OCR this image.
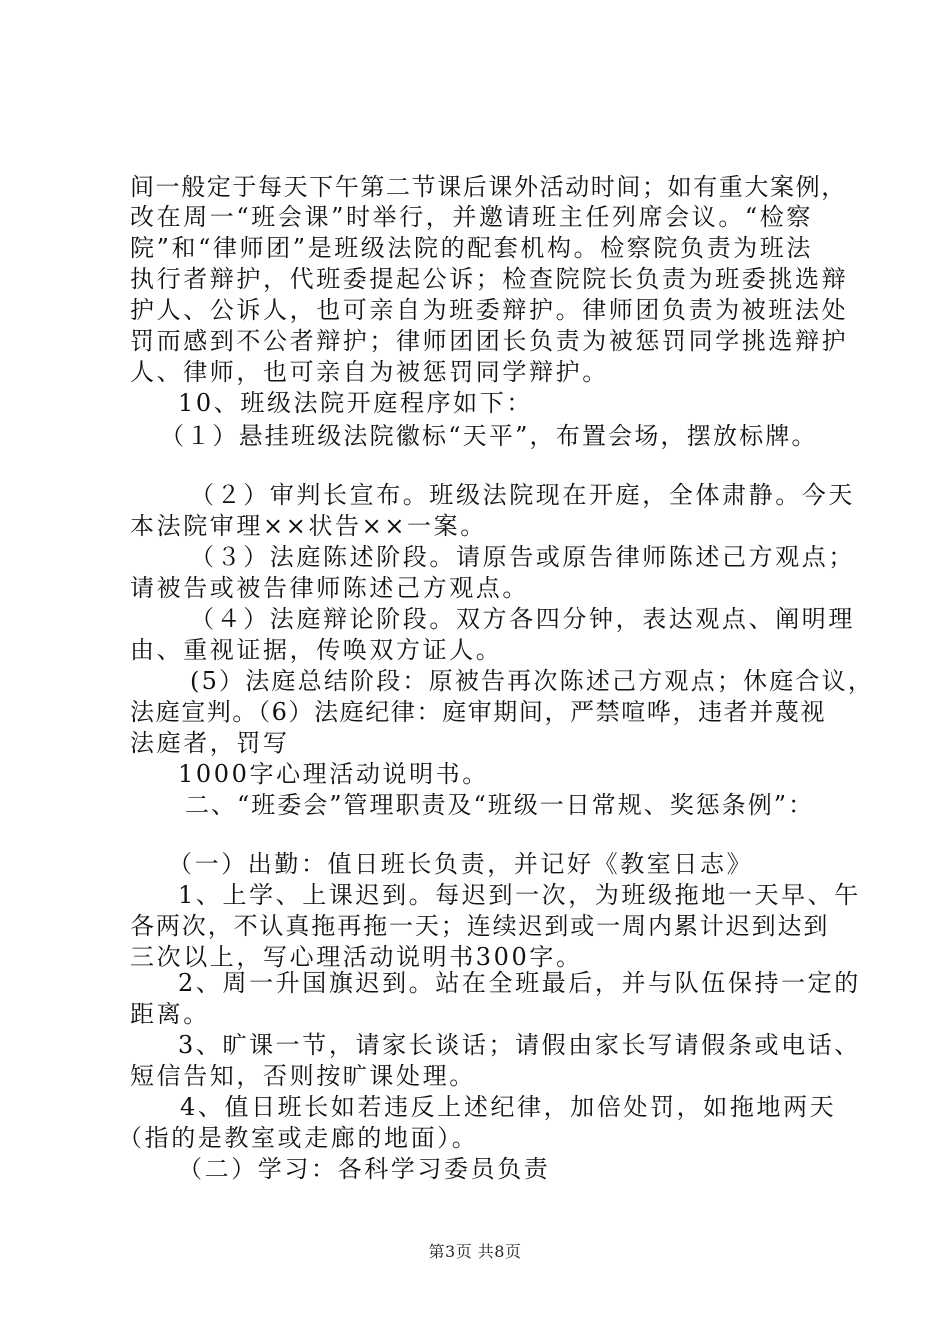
间一般定于每天下午第二节课后课外活动时间；如有重大案例，
改在周一“班会课”时举行，并邀请班主任列席会议。“检察
院”和“律师团”是班级法院的配套机构。检察院负责为班法
执行者辩护，代班委提起公诉；检查院院长负责为班委挑选辩
护人、公诉人，也可亲自为班委辩护。律师团负责为被班法处
罚而感到不公者辩护；律师团团长负责为被惩罚同学挑选辩护
人、律师，也可亲自为被惩罚同学辩护。
10、班级法院开庭程序如下：
（１）悬挂班级法院徽标“天平”，布置会场，摆放标牌。
（２）审判长宣布。班级法院现在开庭，全体肃静。今天
本法院审理××状告××一案。
（３）法庭陈述阶段。请原告或原告律师陈述己方观点；
请被告或被告律师陈述己方观点。
（４）法庭辩论阶段。双方各四分钟，表达观点、阐明理
由、重视证据，传唤双方证人。
(5）法庭总结阶段：原被告再次陈述己方观点；休庭合议，
法庭宣判。（6）法庭纪律：庭审期间，严禁喧哗，违者并蔑视
法庭者，罚写
1000字心理活动说明书。
二、“班委会”管理职责及“班级一日常规、奖惩条例”：
（一）出勤：值日班长负责，并记好《教室日志》
1、上学、上课迟到。每迟到一次，为班级拖地一天早、午
各两次，不认真拖再拖一天；连续迟到或一周内累计迟到达到
三次以上，写心理活动说明书300字。
2、周一升国旗迟到。站在全班最后，并与队伍保持一定的
距离。
3、旷课一节，请家长谈话；请假由家长写请假条或电话、
短信告知，否则按旷课处理。
4、值日班长如若违反上述纪律，加倍处罚，如拖地两天
（指的是教室或走廊的地面）。
（二）学习：各科学习委员负责
第3页 共8页
